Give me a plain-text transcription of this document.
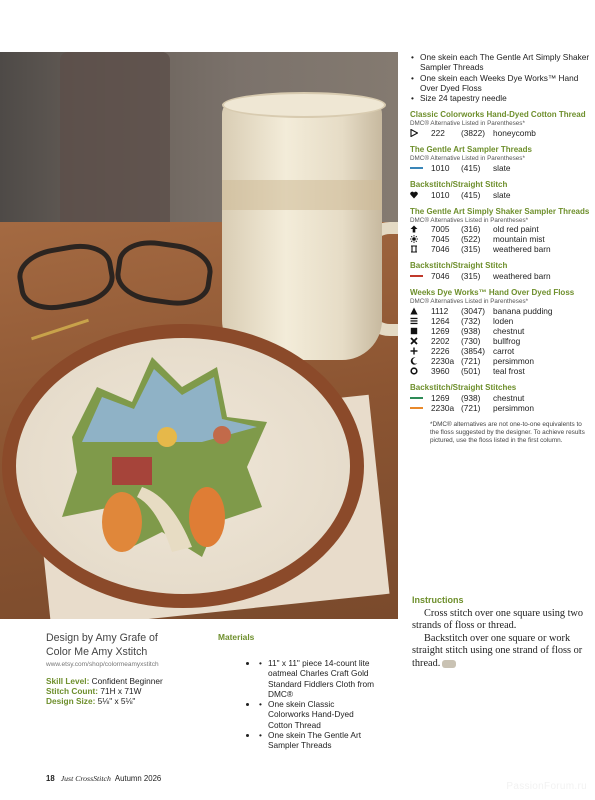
• One skein each The Gentle Art Simply Shaker Sampler Threads
• One skein each Weeks Dye Works™ Hand Over Dyed Floss
• Size 24 tapestry needle
Classic Colorworks Hand-Dyed Cotton Thread
DMC® Alternative Listed in Parentheses*
222	(3822) honeycomb
The Gentle Art Sampler Threads
DMC® Alternative Listed in Parentheses*
1010	(415)	slate
Backstitch/Straight Stitch
1010	(415)	slate
The Gentle Art Simply Shaker Sampler Threads
DMC® Alternatives Listed in Parentheses*
7005	(316)	old red paint
7045	(522)	mountain mist
7046	(315)	weathered barn
Backstitch/Straight Stitch
7046	(315)	weathered barn
Weeks Dye Works™ Hand Over Dyed Floss
DMC® Alternatives Listed in Parentheses*
1112	(3047) banana pudding
1264	(732)	loden
1269	(938)	chestnut
2202	(730)	bullfrog
2226	(3854) carrot
2230a (721)	persimmon
3960	(501)	teal frost
Backstitch/Straight Stitches
1269	(938)	chestnut
2230a (721)	persimmon
*DMC® alternatives are not one-to-one equivalents to the floss suggested by the designer. To achieve results pictured, use the floss listed in the first column.
Instructions

Cross stitch over one square using two strands of floss or thread.

Backstitch over one square or work straight stitch using one strand of floss or thread.

Design by Amy Grafe of
Color Me Amy Xstitch
www.etsy.com/shop/colormeamyxstitch
Skill Level: Confident Beginner
Stitch Count: 71H x 71W
Design Size: 5⅛" x 5⅛"
Materials
• • 11" x 11" piece 14-count lite oatmeal Charles Craft Gold Standard Fiddlers Cloth from DMC®
• • One skein Classic Colorworks Hand-Dyed Cotton Thread
• • One skein The Gentle Art Sampler Threads
18 Just CrossStitch Autumn 2026
PassionForum.ru
